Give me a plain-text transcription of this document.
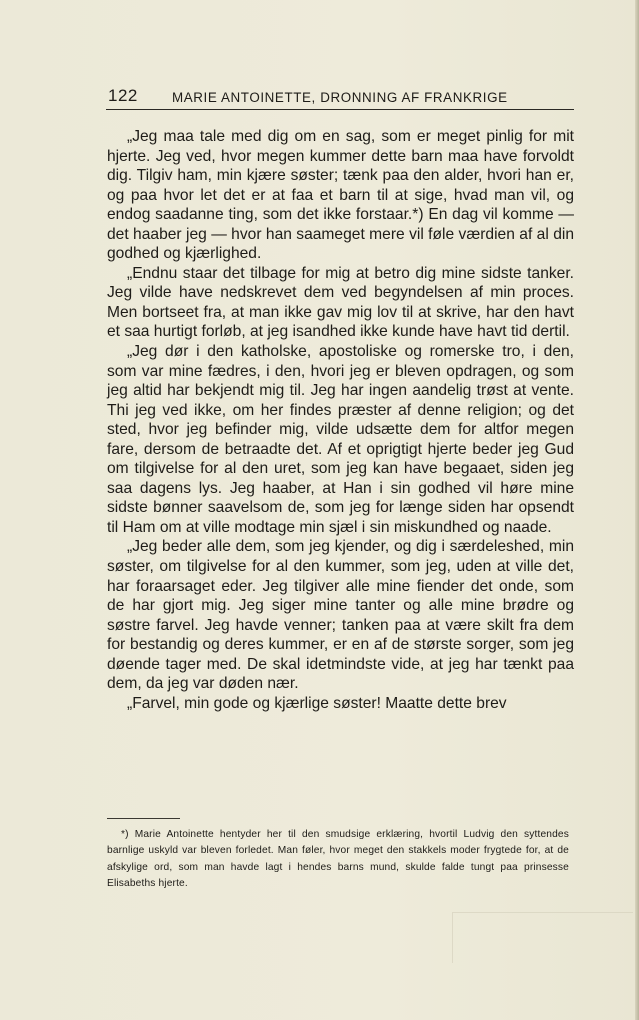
122	MARIE ANTOINETTE, DRONNING AF FRANKRIGE

„Jeg maa tale med dig om en sag, som er meget pinlig for mit hjerte. Jeg ved, hvor megen kummer dette barn maa have forvoldt dig. Tilgiv ham, min kjære søster; tænk paa den alder, hvori han er, og paa hvor let det er at faa et barn til at sige, hvad man vil, og endog saadanne ting, som det ikke forstaar.*) En dag vil komme — det haaber jeg — hvor han saameget mere vil føle værdien af al din godhed og kjærlighed.

„Endnu staar det tilbage for mig at betro dig mine sidste tanker. Jeg vilde have nedskrevet dem ved begyndelsen af min proces. Men bortseet fra, at man ikke gav mig lov til at skrive, har den havt et saa hurtigt forløb, at jeg isandhed ikke kunde have havt tid dertil.

„Jeg dør i den katholske, apostoliske og romerske tro, i den, som var mine fædres, i den, hvori jeg er bleven opdragen, og som jeg altid har bekjendt mig til. Jeg har ingen aandelig trøst at vente. Thi jeg ved ikke, om her findes præster af denne religion; og det sted, hvor jeg befinder mig, vilde udsætte dem for altfor megen fare, dersom de betraadte det. Af et oprigtigt hjerte beder jeg Gud om tilgivelse for al den uret, som jeg kan have begaaet, siden jeg saa dagens lys. Jeg haaber, at Han i sin godhed vil høre mine sidste bønner saavelsom de, som jeg for længe siden har opsendt til Ham om at ville modtage min sjæl i sin miskundhed og naade.

„Jeg beder alle dem, som jeg kjender, og dig i særdeleshed, min søster, om tilgivelse for al den kummer, som jeg, uden at ville det, har foraarsaget eder. Jeg tilgiver alle mine fiender det onde, som de har gjort mig. Jeg siger mine tanter og alle mine brødre og søstre farvel. Jeg havde venner; tanken paa at være skilt fra dem for bestandig og deres kummer, er en af de største sorger, som jeg døende tager med. De skal idetmindste vide, at jeg har tænkt paa dem, da jeg var døden nær.

„Farvel, min gode og kjærlige søster! Maatte dette brev

*) Marie Antoinette hentyder her til den smudsige erklæring, hvortil Ludvig den syttendes barnlige uskyld var bleven forledet. Man føler, hvor meget den stakkels moder frygtede for, at de afskylige ord, som man havde lagt i hendes barns mund, skulde falde tungt paa prinsesse Elisabeths hjerte.
